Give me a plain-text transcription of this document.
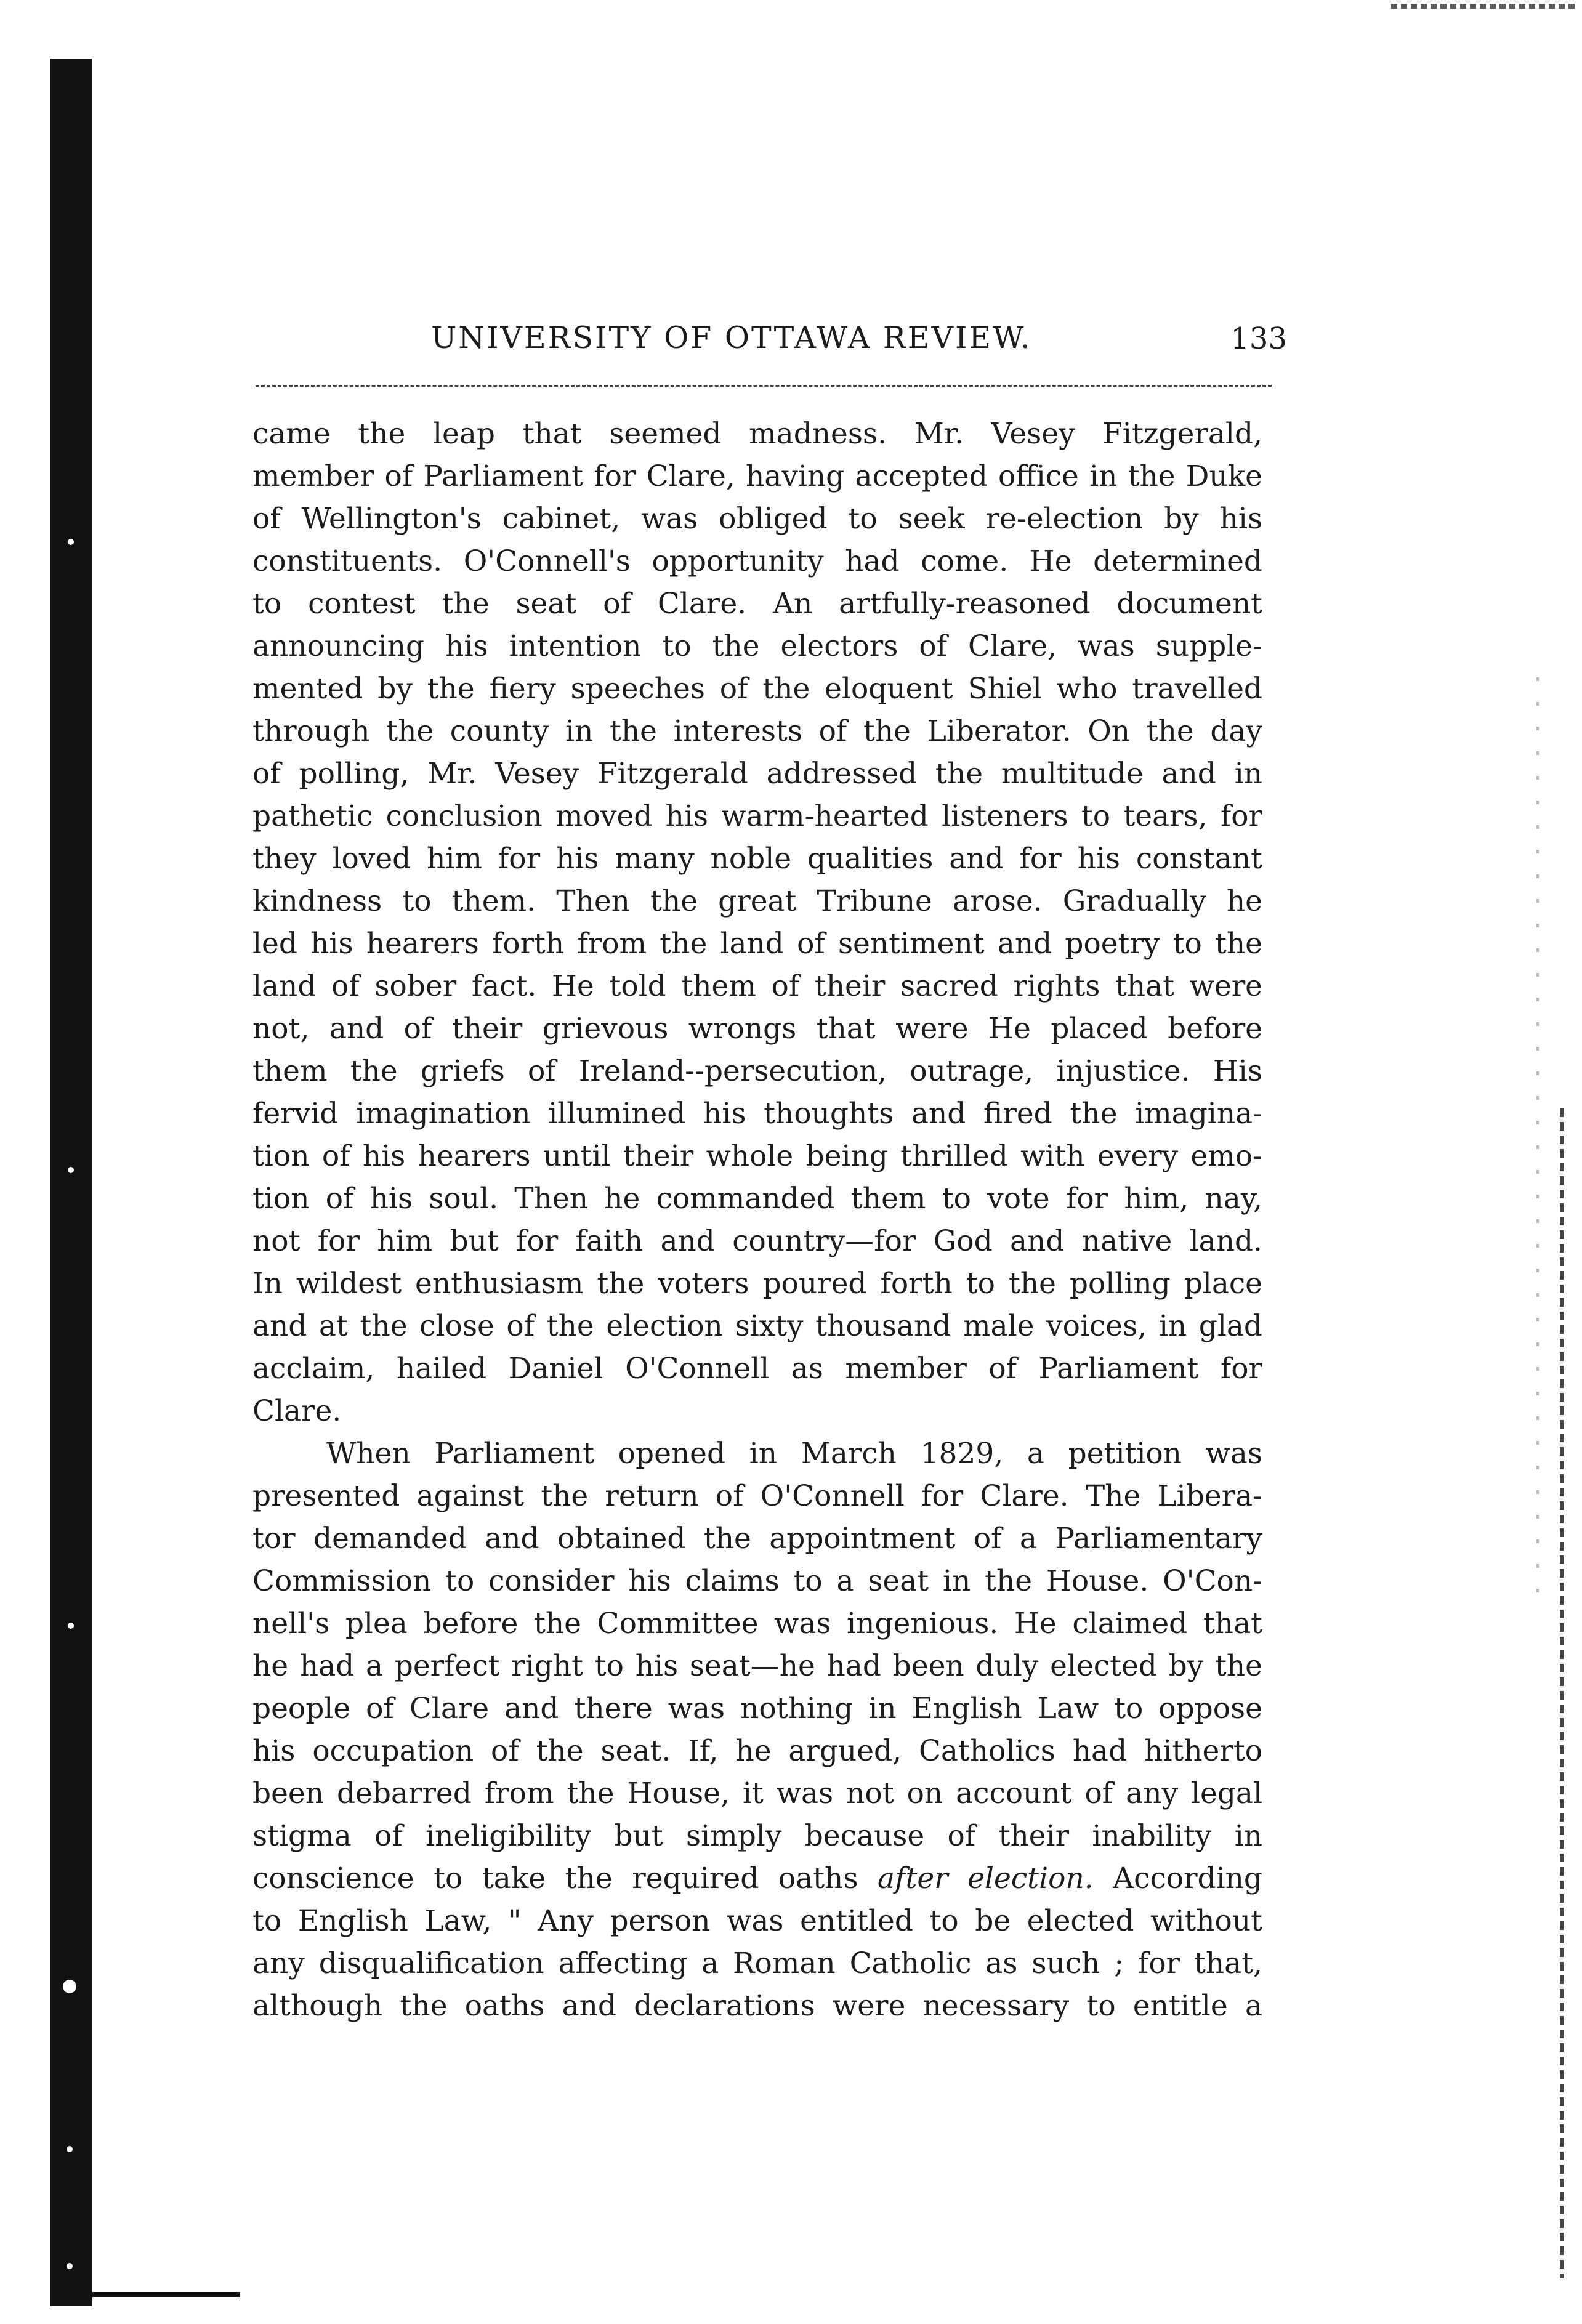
UNIVERSITY OF OTTAWA REVIEW.	133
came the leap that seemed madness. Mr. Vesey Fitzgerald,
member of Parliament for Clare, having accepted office in the Duke
of Wellington's cabinet, was obliged to seek re-election by his
constituents. O'Connell's opportunity had come. He determined
to contest the seat of Clare. An artfully-reasoned document
announcing his intention to the electors of Clare, was supple-
mented by the fiery speeches of the eloquent Shiel who travelled
through the county in the interests of the Liberator. On the day
of polling, Mr. Vesey Fitzgerald addressed the multitude and in
pathetic conclusion moved his warm-hearted listeners to tears, for
they loved him for his many noble qualities and for his constant
kindness to them. Then the great Tribune arose. Gradually he
led his hearers forth from the land of sentiment and poetry to the
land of sober fact. He told them of their sacred rights that were
not, and of their grievous wrongs that were He placed before
them the griefs of Ireland--persecution, outrage, injustice. His
fervid imagination illumined his thoughts and fired the imagina-
tion of his hearers until their whole being thrilled with every emo-
tion of his soul. Then he commanded them to vote for him, nay,
not for him but for faith and country—for God and native land.
In wildest enthusiasm the voters poured forth to the polling place
and at the close of the election sixty thousand male voices, in glad
acclaim, hailed Daniel O'Connell as member of Parliament for
Clare.
When Parliament opened in March 1829, a petition was
presented against the return of O'Connell for Clare. The Libera-
tor demanded and obtained the appointment of a Parliamentary
Commission to consider his claims to a seat in the House. O'Con-
nell's plea before the Committee was ingenious. He claimed that
he had a perfect right to his seat—he had been duly elected by the
people of Clare and there was nothing in English Law to oppose
his occupation of the seat. If, he argued, Catholics had hitherto
been debarred from the House, it was not on account of any legal
stigma of ineligibility but simply because of their inability in
conscience to take the required oaths after election. According
to English Law, " Any person was entitled to be elected without
any disqualification affecting a Roman Catholic as such ; for that,
although the oaths and declarations were necessary to entitle a
